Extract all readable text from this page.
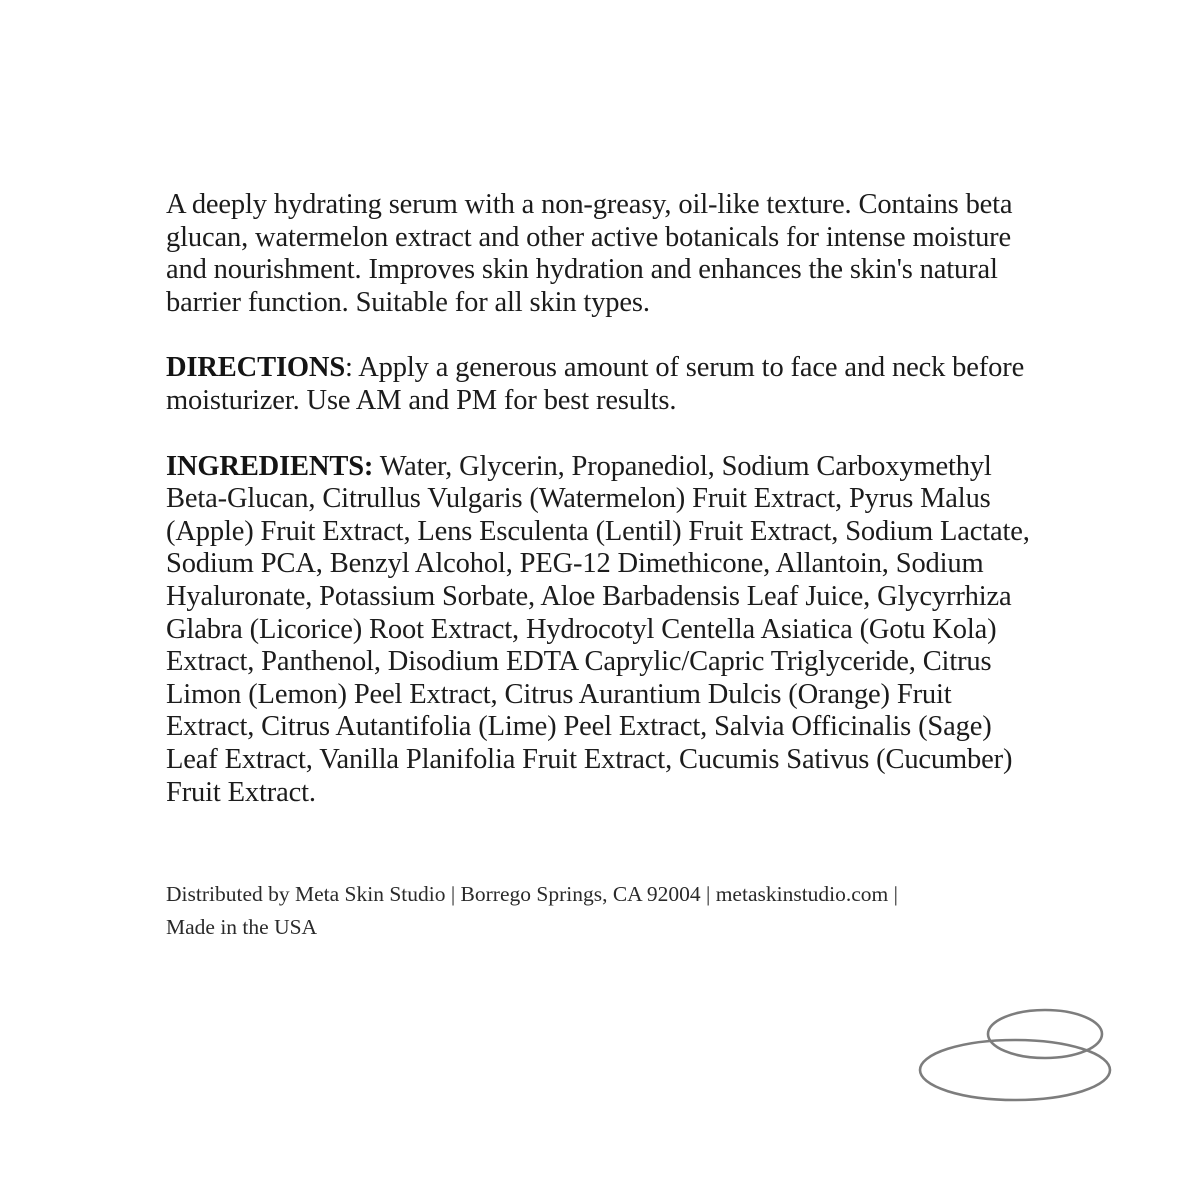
A deeply hydrating serum with a non-greasy, oil-like texture. Contains beta glucan, watermelon extract and other active botanicals for intense moisture and nourishment. Improves skin hydration and enhances the skin's natural barrier function. Suitable for all skin types.

DIRECTIONS: Apply a generous amount of serum to face and neck before moisturizer. Use AM and PM for best results.

INGREDIENTS: Water, Glycerin, Propanediol, Sodium Carboxymethyl Beta-Glucan, Citrullus Vulgaris (Watermelon) Fruit Extract, Pyrus Malus (Apple) Fruit Extract, Lens Esculenta (Lentil) Fruit Extract, Sodium Lactate, Sodium PCA, Benzyl Alcohol, PEG-12 Dimethicone, Allantoin, Sodium Hyaluronate, Potassium Sorbate, Aloe Barbadensis Leaf Juice, Glycyrrhiza Glabra (Licorice) Root Extract, Hydrocotyl Centella Asiatica (Gotu Kola) Extract, Panthenol, Disodium EDTA Caprylic/Capric Triglyceride, Citrus Limon (Lemon) Peel Extract, Citrus Aurantium Dulcis (Orange) Fruit Extract, Citrus Autantifolia (Lime) Peel Extract, Salvia Officinalis (Sage) Leaf Extract, Vanilla Planifolia Fruit Extract, Cucumis Sativus (Cucumber) Fruit Extract.

Distributed by Meta Skin Studio | Borrego Springs, CA 92004 | metaskinstudio.com |
Made in the USA
